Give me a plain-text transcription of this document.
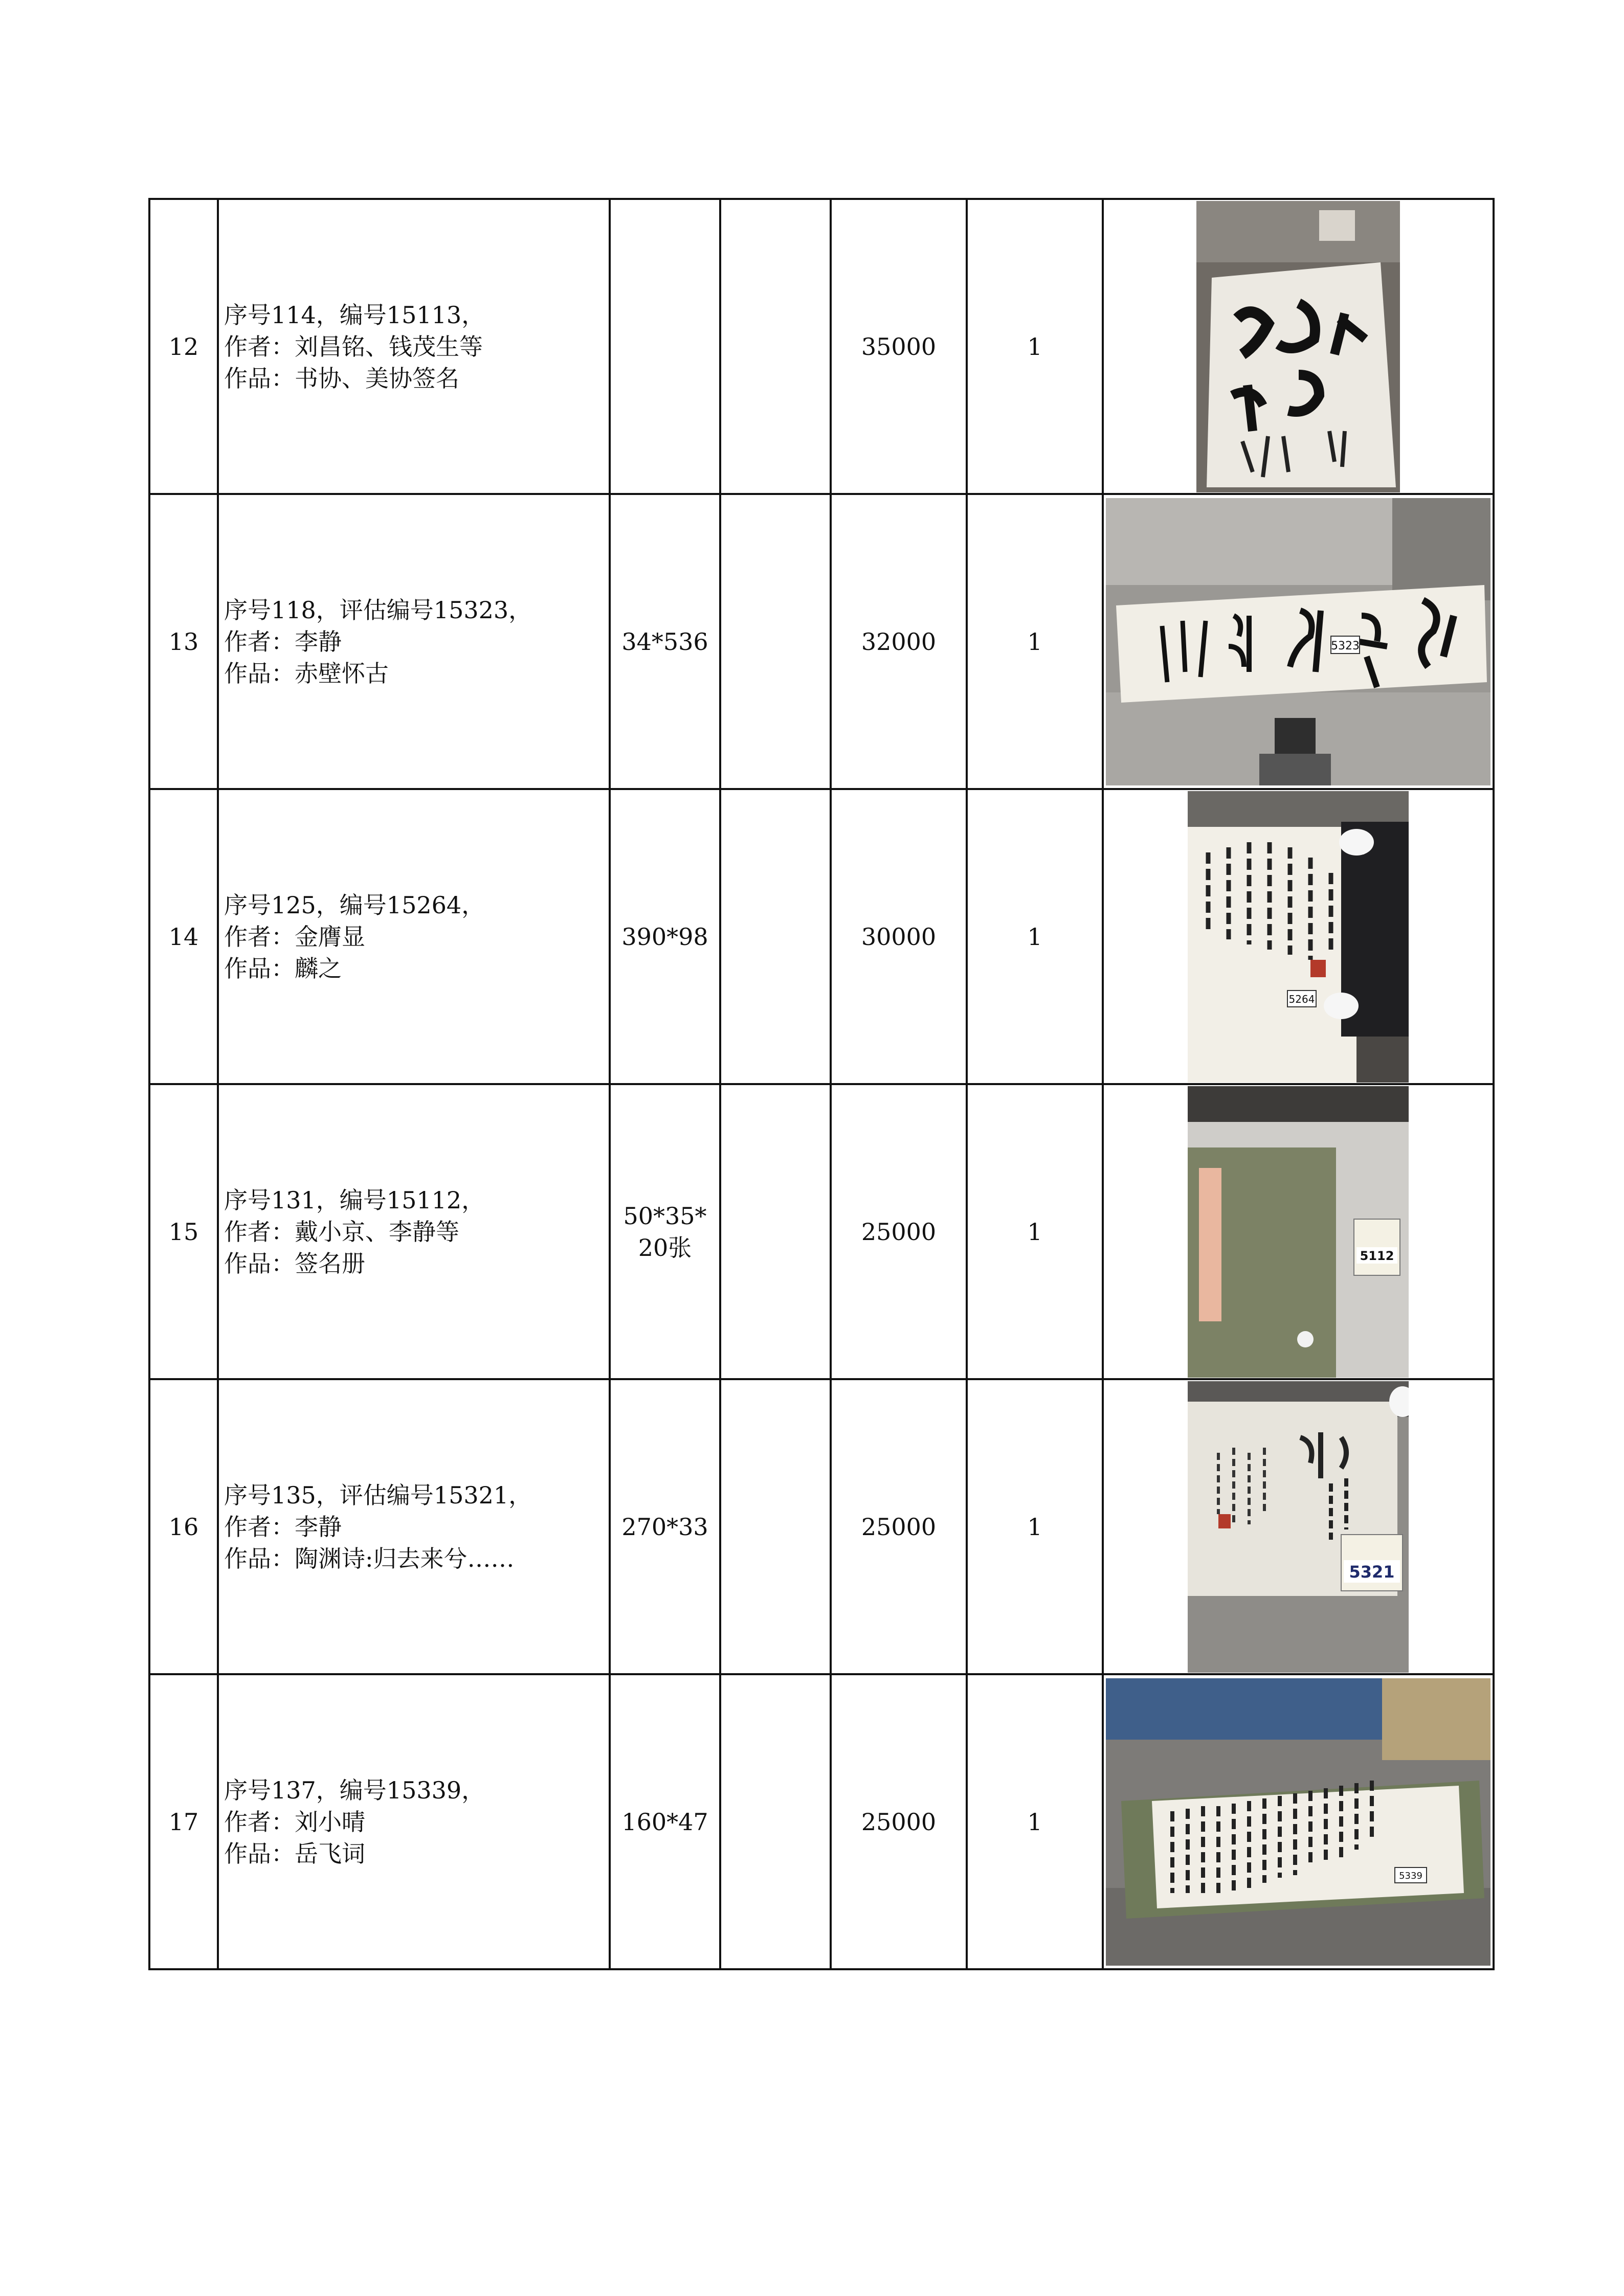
12	序号114，编号15113，
作者：刘昌铭、钱茂生等
作品：书协、美协签名			35000	1	

13	序号118，评估编号15323，
作者：李静
作品：赤壁怀古	34*536		32000	1	5323

14	序号125，编号15264，
作者：金膺显
作品：麟之	390*98		30000	1	5264

15	序号131，编号15112，
作者：戴小京、李静等
作品：签名册	50*35*20张		25000	1	5112

16	序号135，评估编号15321，
作者：李静
作品：陶渊诗:归去来兮……	270*33		25000	1	5321

17	序号137，编号15339，
作者：刘小晴
作品：岳飞词	160*47		25000	1	5339
